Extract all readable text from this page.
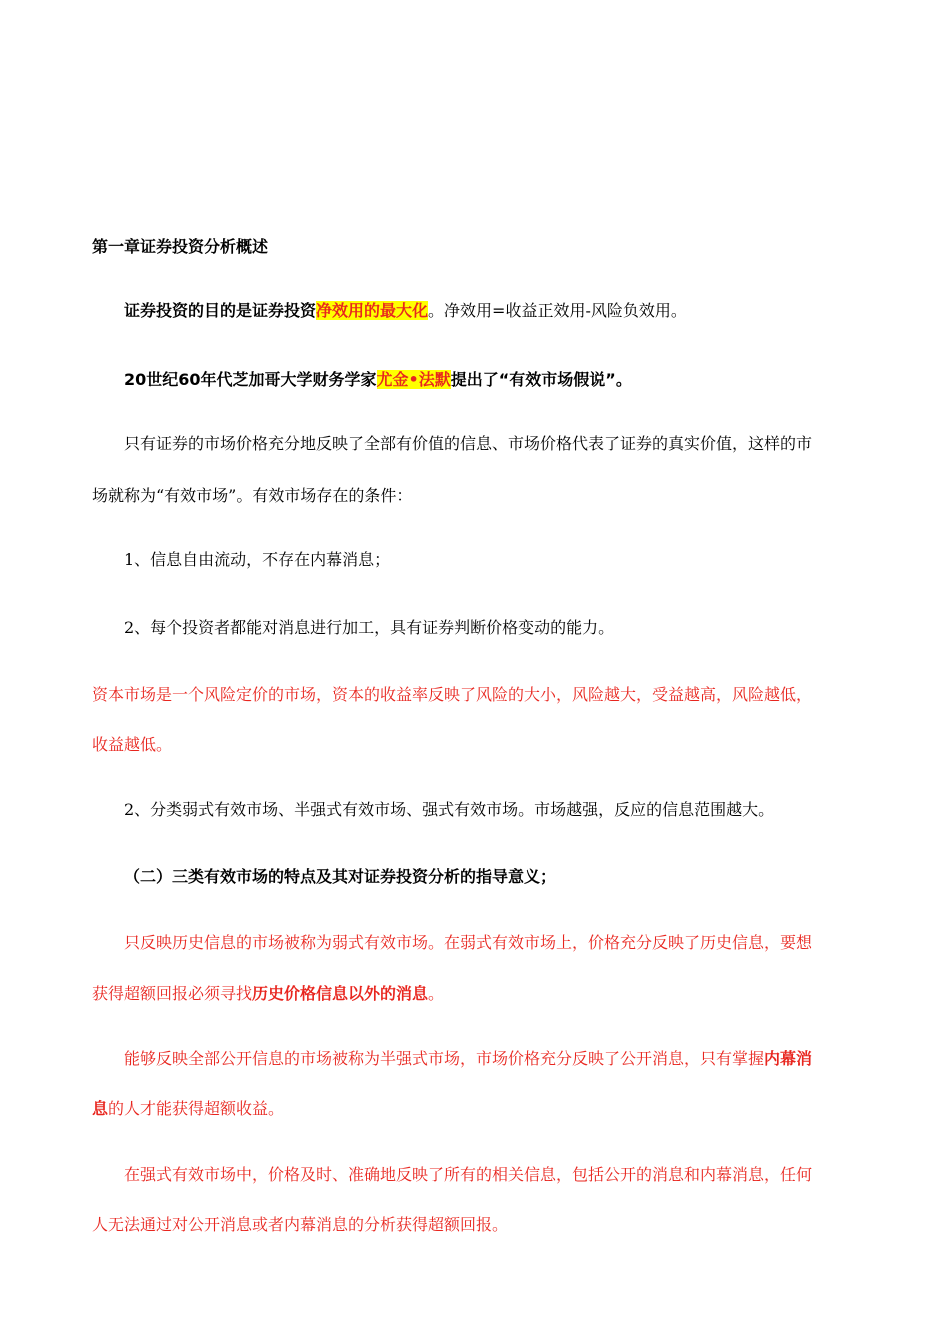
第一章证券投资分析概述
证券投资的目的是证券投资净效用的最大化。净效用=收益正效用-风险负效用。
20世纪60年代芝加哥大学财务学家尤金•法默提出了“有效市场假说”。
只有证券的市场价格充分地反映了全部有价值的信息、市场价格代表了证券的真实价值，这样的市
场就称为“有效市场”。有效市场存在的条件：
1、信息自由流动，不存在内幕消息；
2、每个投资者都能对消息进行加工，具有证券判断价格变动的能力。
资本市场是一个风险定价的市场，资本的收益率反映了风险的大小，风险越大，受益越高，风险越低，
收益越低。
2、分类弱式有效市场、半强式有效市场、强式有效市场。市场越强，反应的信息范围越大。
（二）三类有效市场的特点及其对证券投资分析的指导意义；
只反映历史信息的市场被称为弱式有效市场。在弱式有效市场上，价格充分反映了历史信息，要想
获得超额回报必须寻找历史价格信息以外的消息。
能够反映全部公开信息的市场被称为半强式市场，市场价格充分反映了公开消息，只有掌握内幕消
息的人才能获得超额收益。
在强式有效市场中，价格及时、准确地反映了所有的相关信息，包括公开的消息和内幕消息，任何
人无法通过对公开消息或者内幕消息的分析获得超额回报。
